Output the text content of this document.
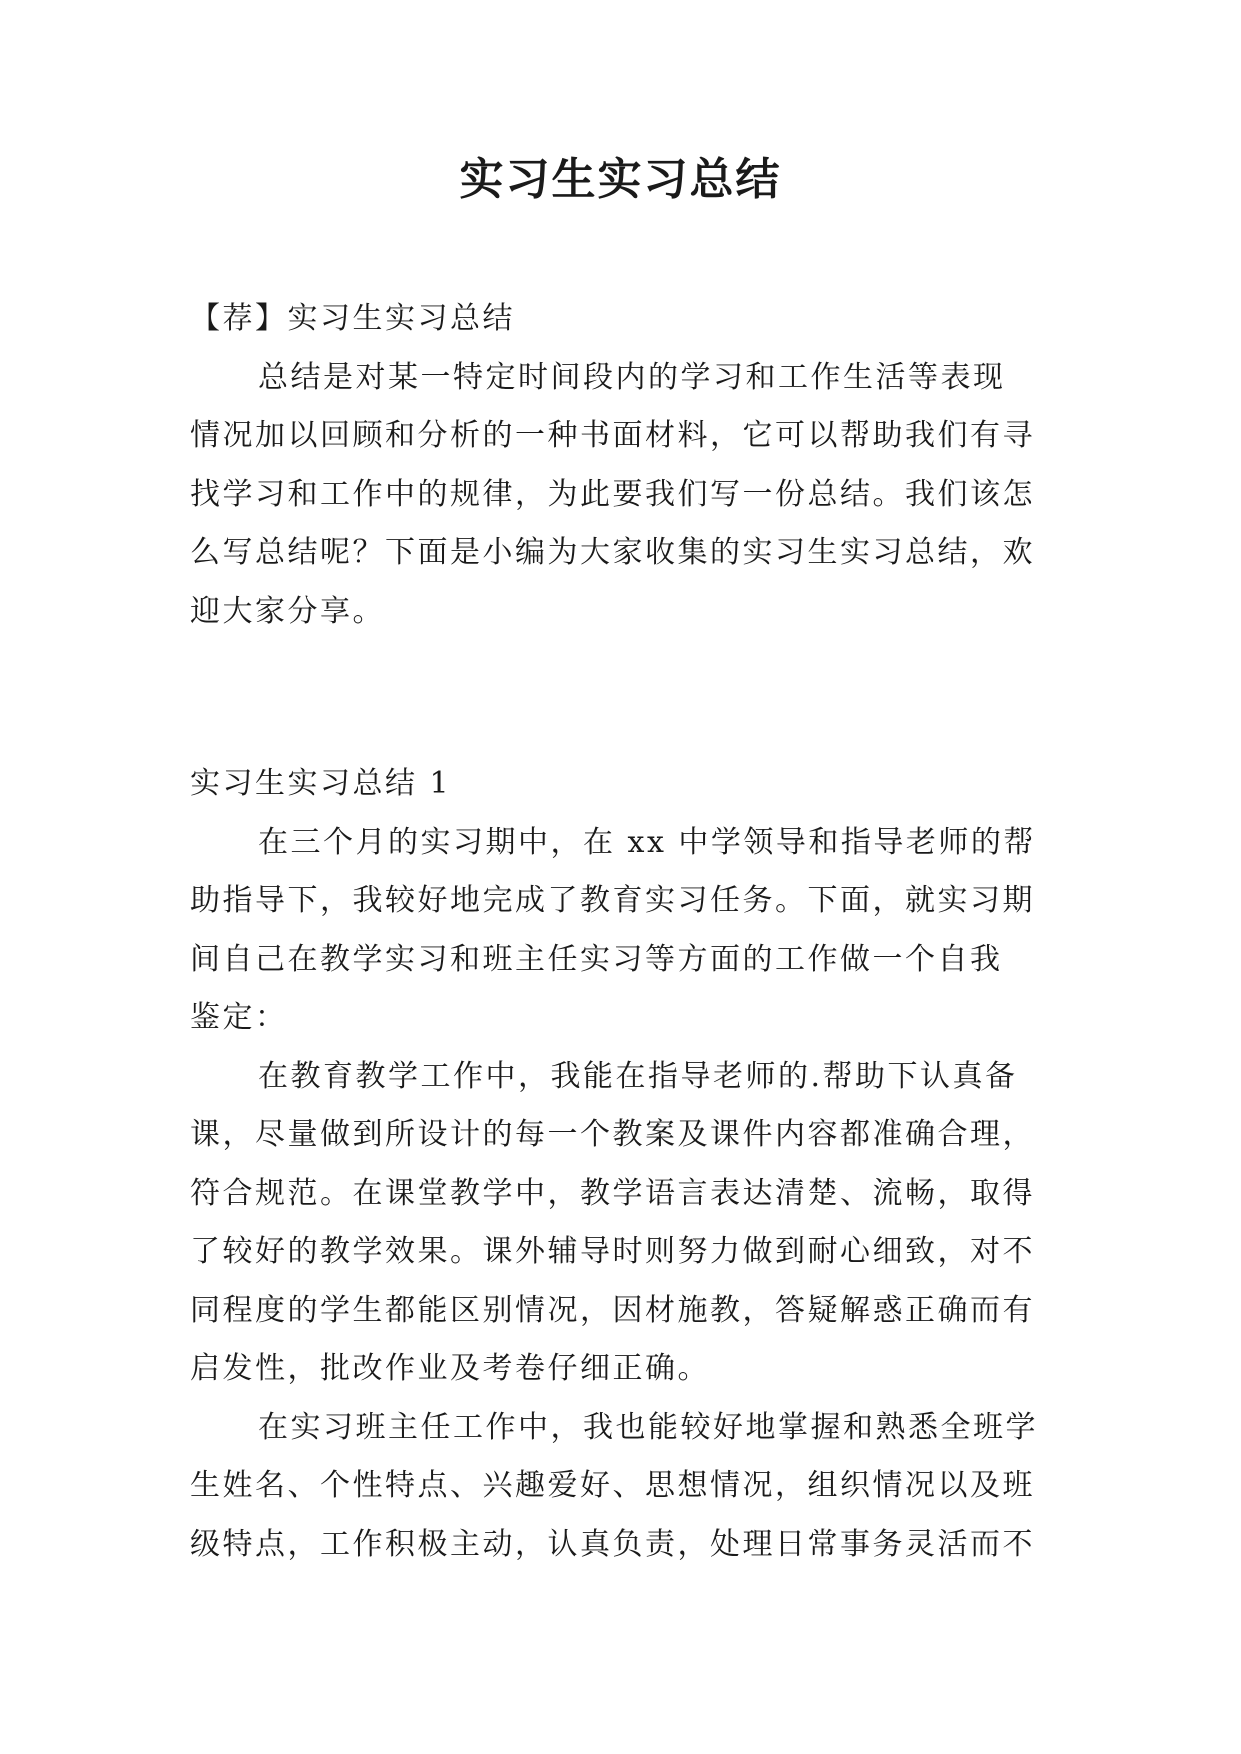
实习生实习总结
【荐】实习生实习总结
总结是对某一特定时间段内的学习和工作生活等表现
情况加以回顾和分析的一种书面材料，它可以帮助我们有寻
找学习和工作中的规律，为此要我们写一份总结。我们该怎
么写总结呢？下面是小编为大家收集的实习生实习总结，欢
迎大家分享。
实习生实习总结 1
在三个月的实习期中，在 xx 中学领导和指导老师的帮
助指导下，我较好地完成了教育实习任务。下面，就实习期
间自己在教学实习和班主任实习等方面的工作做一个自我
鉴定：
在教育教学工作中，我能在指导老师的.帮助下认真备
课，尽量做到所设计的每一个教案及课件内容都准确合理，
符合规范。在课堂教学中，教学语言表达清楚、流畅，取得
了较好的教学效果。课外辅导时则努力做到耐心细致，对不
同程度的学生都能区别情况，因材施教，答疑解惑正确而有
启发性，批改作业及考卷仔细正确。
在实习班主任工作中，我也能较好地掌握和熟悉全班学
生姓名、个性特点、兴趣爱好、思想情况，组织情况以及班
级特点，工作积极主动，认真负责，处理日常事务灵活而不
